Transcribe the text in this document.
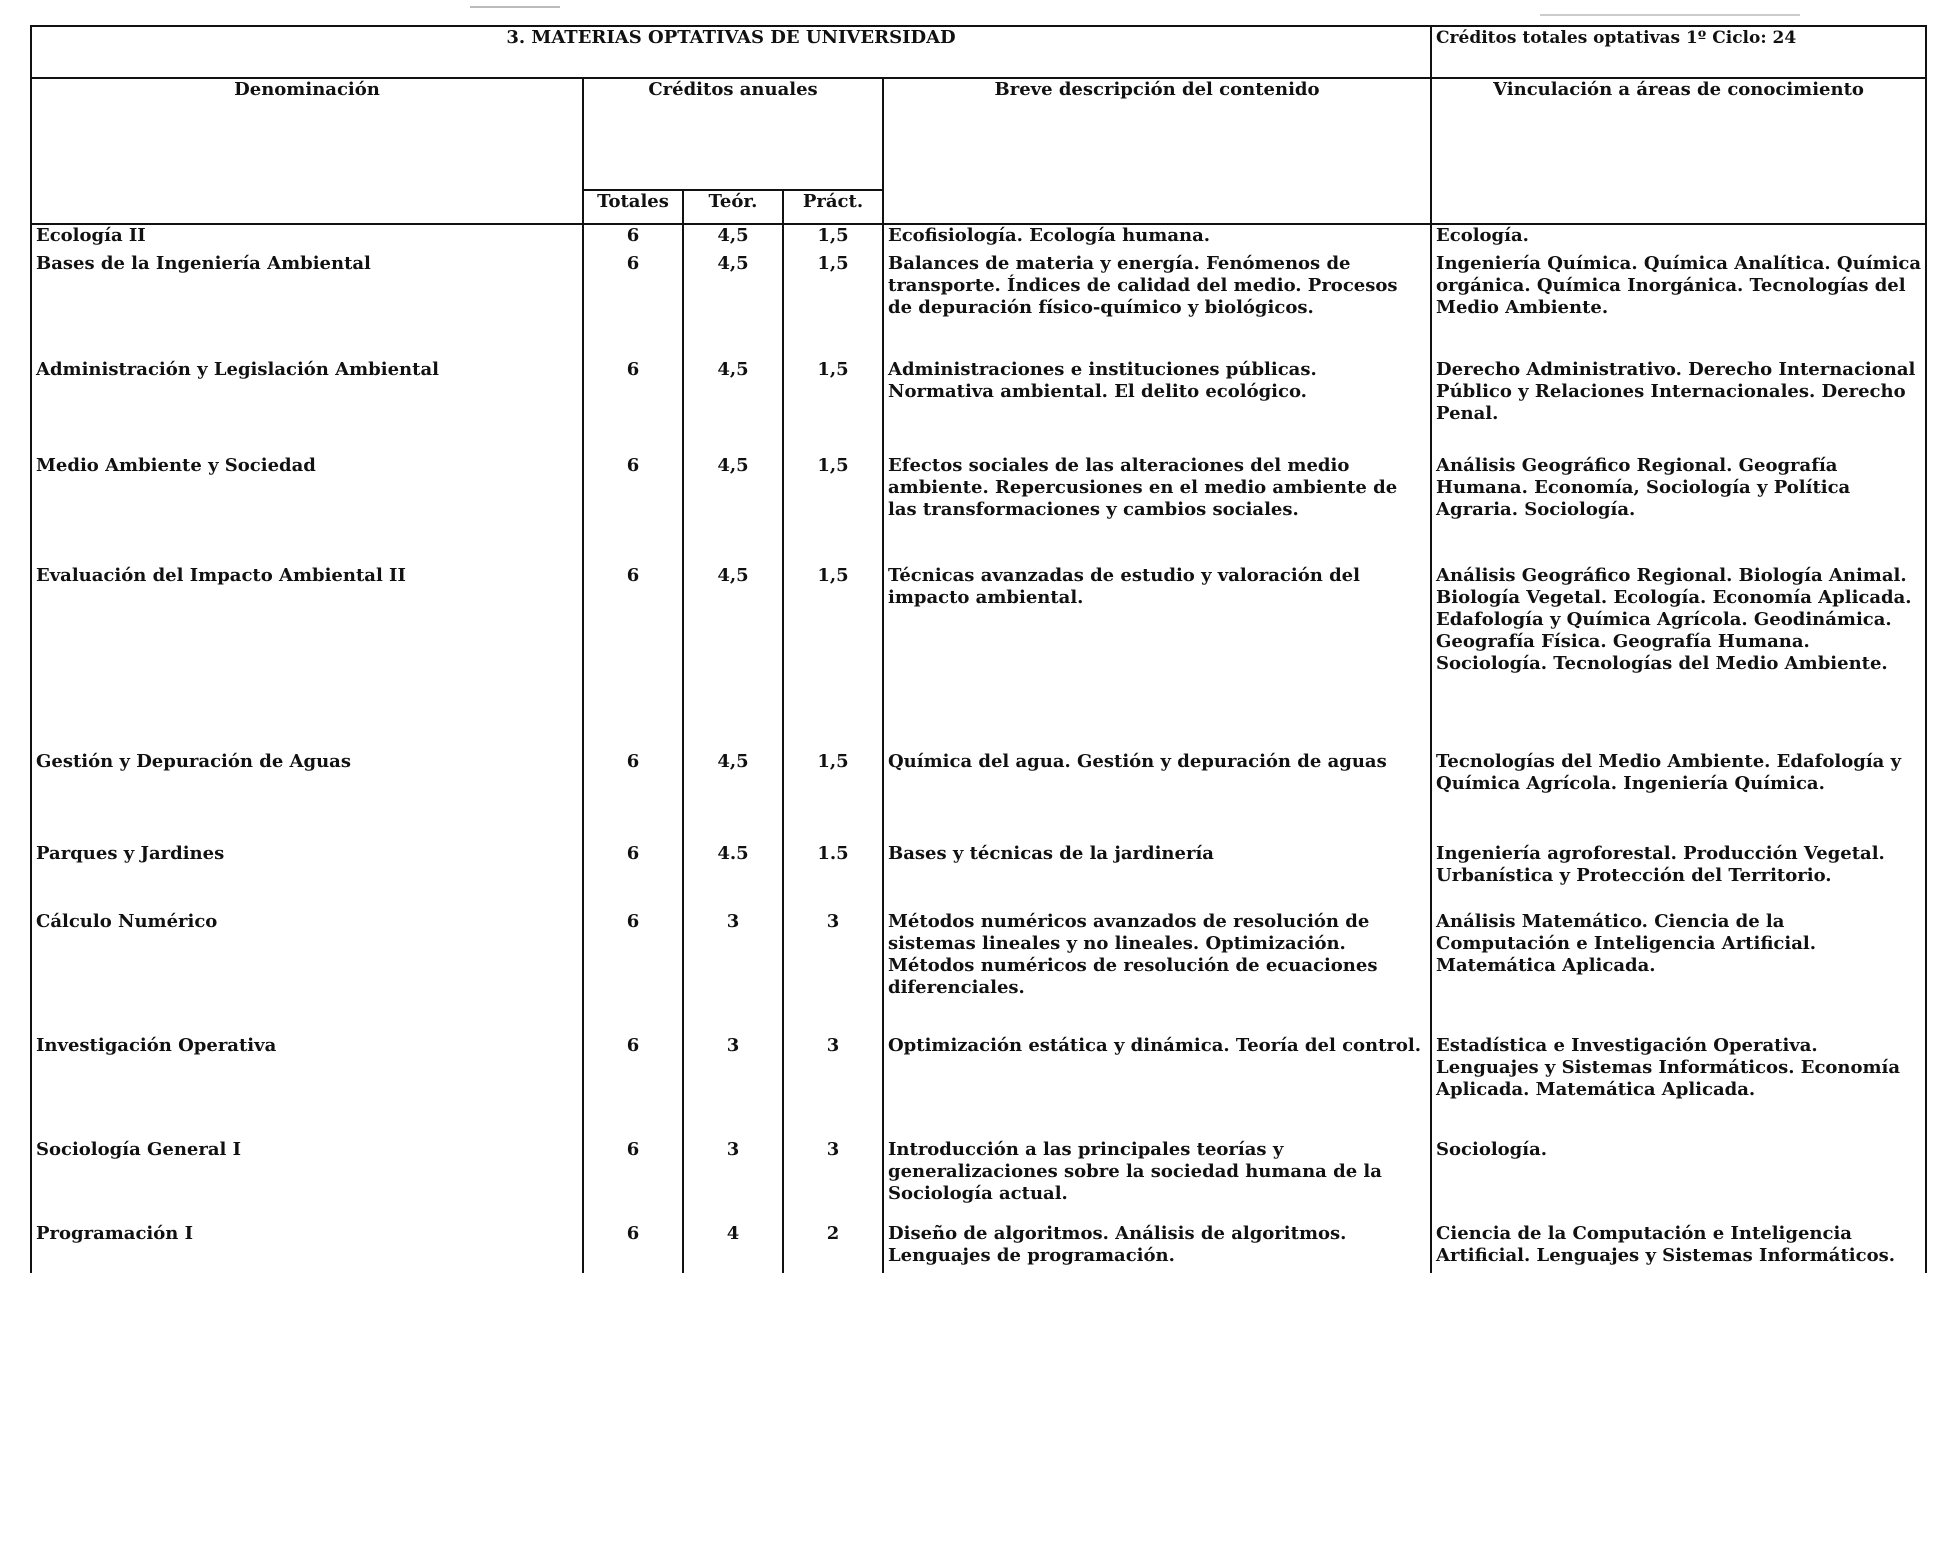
3. MATERIAS OPTATIVAS DE UNIVERSIDAD					Créditos totales optativas 1º Ciclo: 24
Denominación	Créditos anuales			Breve descripción del contenido	Vinculación a áreas de conocimiento
	Totales	Teór.	Práct.		
Ecología II	6	4,5	1,5	Ecofisiología. Ecología humana.	Ecología.
Bases de la Ingeniería Ambiental	6	4,5	1,5	Balances de materia y energía. Fenómenos de transporte. Índices de calidad del medio. Procesos de depuración físico-químico y biológicos.	Ingeniería Química. Química Analítica. Química orgánica. Química Inorgánica. Tecnologías del Medio Ambiente.
Administración y Legislación Ambiental	6	4,5	1,5	Administraciones e instituciones públicas. Normativa ambiental. El delito ecológico.	Derecho Administrativo. Derecho Internacional Público y Relaciones Internacionales. Derecho Penal.
Medio Ambiente y Sociedad	6	4,5	1,5	Efectos sociales de las alteraciones del medio ambiente. Repercusiones en el medio ambiente de las transformaciones y cambios sociales.	Análisis Geográfico Regional. Geografía Humana. Economía, Sociología y Política Agraria. Sociología.
Evaluación del Impacto Ambiental II	6	4,5	1,5	Técnicas avanzadas de estudio y valoración del impacto ambiental.	Análisis Geográfico Regional. Biología Animal. Biología Vegetal. Ecología. Economía Aplicada. Edafología y Química Agrícola. Geodinámica. Geografía Física. Geografía Humana. Sociología. Tecnologías del Medio Ambiente.
Gestión y Depuración de Aguas	6	4,5	1,5	Química del agua. Gestión y depuración de aguas	Tecnologías del Medio Ambiente. Edafología y Química Agrícola. Ingeniería Química.
Parques y Jardines	6	4.5	1.5	Bases y técnicas de la jardinería	Ingeniería agroforestal. Producción Vegetal. Urbanística y Protección del Territorio.
Cálculo Numérico	6	3	3	Métodos numéricos avanzados de resolución de sistemas lineales y no lineales. Optimización. Métodos numéricos de resolución de ecuaciones diferenciales.	Análisis Matemático. Ciencia de la Computación e Inteligencia Artificial. Matemática Aplicada.
Investigación Operativa	6	3	3	Optimización estática y dinámica. Teoría del control.	Estadística e Investigación Operativa. Lenguajes y Sistemas Informáticos. Economía Aplicada. Matemática Aplicada.
Sociología General I	6	3	3	Introducción a las principales teorías y generalizaciones sobre la sociedad humana de la Sociología actual.	Sociología.
Programación I	6	4	2	Diseño de algoritmos. Análisis de algoritmos. Lenguajes de programación.	Ciencia de la Computación e Inteligencia Artificial. Lenguajes y Sistemas Informáticos.
